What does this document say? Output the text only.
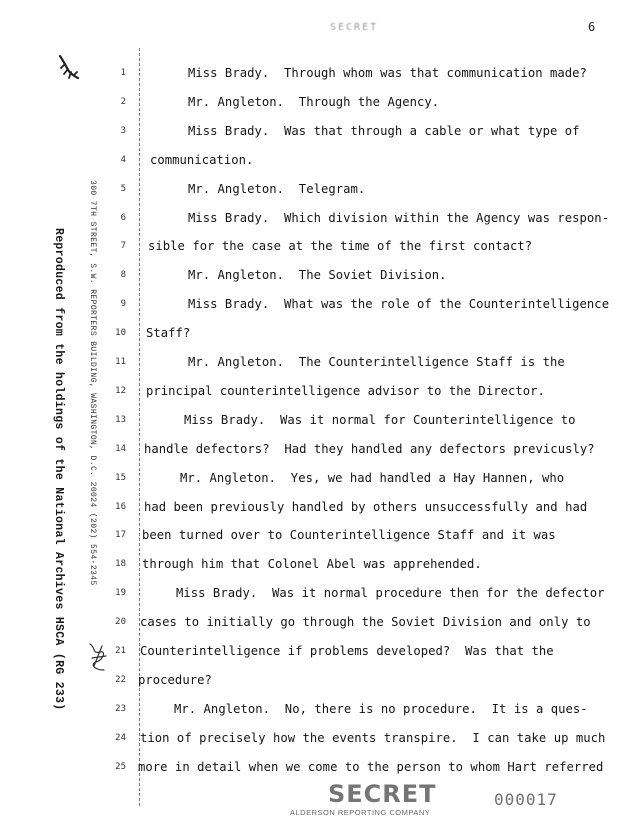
SECRET	6
Reproduced from the holdings of the National Archives HSCA (RG 233)	300 7TH STREET, S.W. REPORTERS BUILDING, WASHINGTON, D.C. 20024 (202) 554-2345
1	Miss Brady.  Through whom was that communication made?
2	Mr. Angleton.  Through the Agency.
3	Miss Brady.  Was that through a cable or what type of
4 communication.
5	Mr. Angleton.  Telegram.
6	Miss Brady.  Which division within the Agency was respon-
7 sible for the case at the time of the first contact?
8	Mr. Angleton.  The Soviet Division.
9	Miss Brady.  What was the role of the Counterintelligence
10 Staff?
11	Mr. Angleton.  The Counterintelligence Staff is the
12 principal counterintelligence advisor to the Director.
13	Miss Brady.  Was it normal for Counterintelligence to
14 handle defectors?  Had they handled any defectors previcusly?
15	Mr. Angleton.  Yes, we had handled a Hay Hannen, who
16 had been previously handled by others unsuccessfully and had
17 been turned over to Counterintelligence Staff and it was
18 through him that Colonel Abel was apprehended.
19	Miss Brady.  Was it normal procedure then for the defector
20 cases to initially go through the Soviet Division and only to
21 Counterintelligence if problems developed?  Was that the
22 procedure?
23	Mr. Angleton.  No, there is no procedure.  It is a ques-
24 tion of precisely how the events transpire.  I can take up much
25 more in detail when we come to the person to whom Hart referred
SECRET
ALDERSON REPORTING COMPANY
000017
